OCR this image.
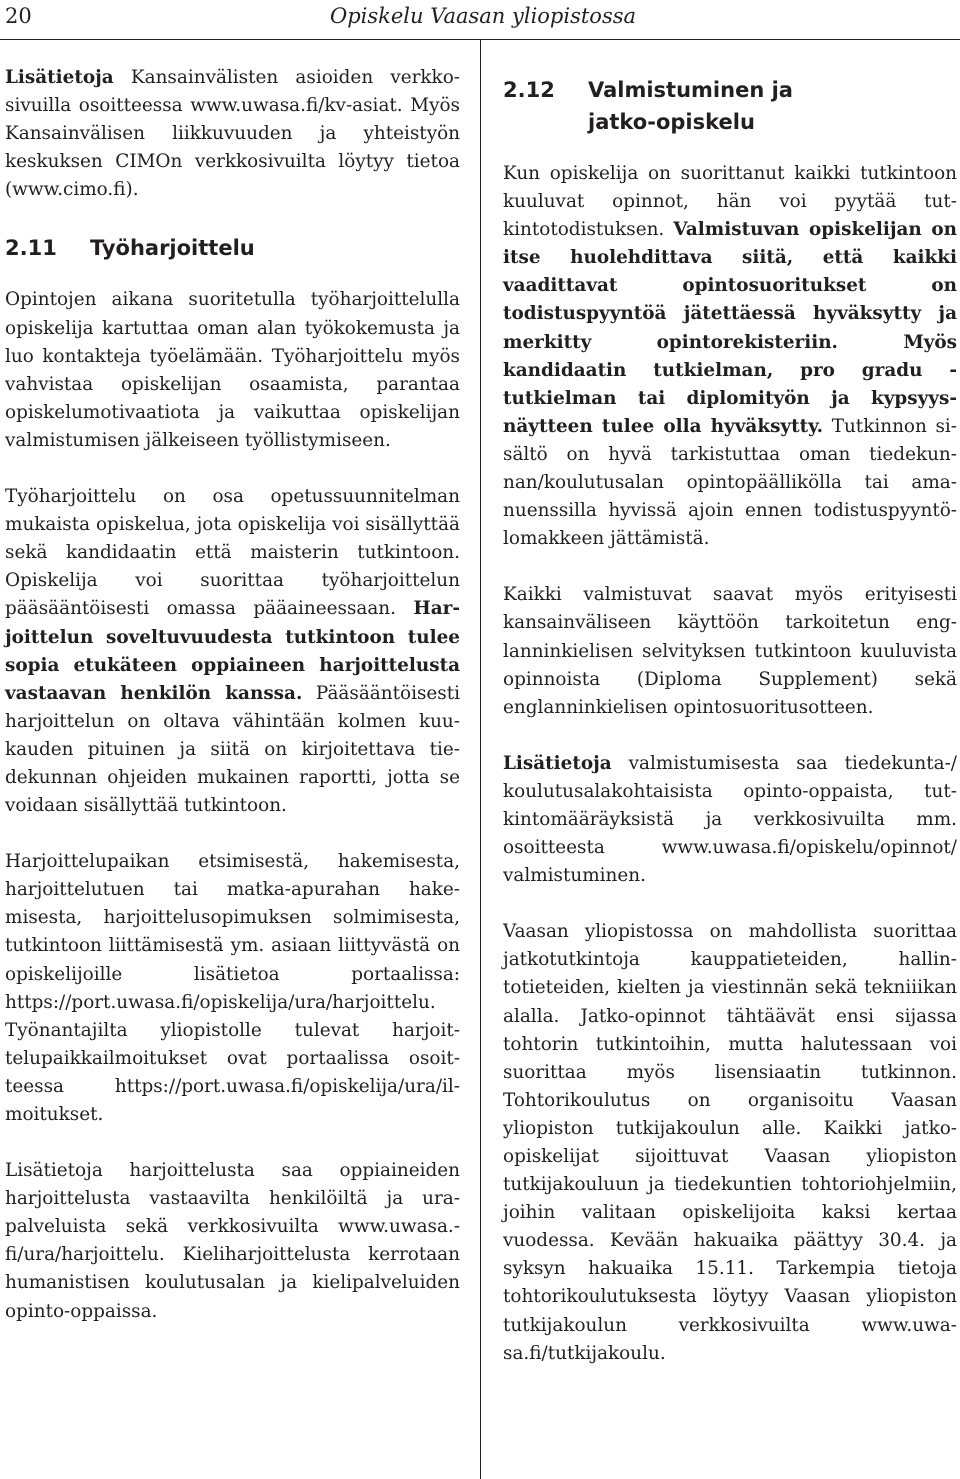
20	Opiskelu Vaasan yliopistossa

Lisätietoja Kansainvälisten asioiden verkkosivuilla osoitteessa www.uwasa.fi/kv-asiat. Myös Kansainvälisen liikkuvuuden ja yhteistyön keskuksen CIMOn verkkosivuilta löytyy tietoa (www.cimo.fi).

2.11	Työharjoittelu

Opintojen aikana suoritetulla työharjoittelulla opiskelija kartuttaa oman alan työkokemusta ja luo kontakteja työelämään. Työharjoittelu myös vahvistaa opiskelijan osaamista, parantaa opiskelumotivaatiota ja vaikuttaa opiskelijan valmistumisen jälkeiseen työllistymiseen.

Työharjoittelu on osa opetussuunnitelman mukaista opiskelua, jota opiskelija voi sisällyttää sekä kandidaatin että maisterin tutkintoon. Opiskelija voi suorittaa työharjoittelun pääsääntöisesti omassa pääaineessaan. Harjoittelun soveltuvuudesta tutkintoon tulee sopia etukäteen oppiaineen harjoittelusta vastaavan henkilön kanssa. Pääsääntöisesti harjoittelun on oltava vähintään kolmen kuukauden pituinen ja siitä on kirjoitettava tiedekunnan ohjeiden mukainen raportti, jotta se voidaan sisällyttää tutkintoon.

Harjoittelupaikan etsimisestä, hakemisesta, harjoittelutuen tai matka-apurahan hakemisesta, harjoittelusopimuksen solmimisesta, tutkintoon liittämisestä ym. asiaan liittyvästä on opiskelijoille lisätietoa portaalissa: https://port.uwasa.fi/opiskelija/ura/harjoittelu. Työnantajilta yliopistolle tulevat harjoittelupaikkailmoitukset ovat portaalissa osoitteessa https://port.uwasa.fi/opiskelija/ura/ilmoitukset.

Lisätietoja harjoittelusta saa oppiaineiden harjoittelusta vastaavilta henkilöiltä ja urapalveluista sekä verkkosivuilta www.uwasa.fi/ura/harjoittelu. Kieliharjoittelusta kerrotaan humanistisen koulutusalan ja kielipalveluiden opinto-oppaissa.

2.12	Valmistuminen ja
jatko-opiskelu

Kun opiskelija on suorittanut kaikki tutkintoon kuuluvat opinnot, hän voi pyytää tutkintotodistuksen. Valmistuvan opiskelijan on itse huolehdittava siitä, että kaikki vaadittavat opintosuoritukset on todistuspyyntöä jätettäessä hyväksytty ja merkitty opintorekisteriin. Myös kandidaatin tutkielman, pro gradu -tutkielman tai diplomityön ja kypsyysnäytteen tulee olla hyväksytty. Tutkinnon sisältö on hyvä tarkistuttaa oman tiedekunnan/koulutusalan opintopäällikölla tai amanuenssilla hyvissä ajoin ennen todistuspyyntölomakkeen jättämistä.

Kaikki valmistuvat saavat myös erityisesti kansainväliseen käyttöön tarkoitetun englanninkielisen selvityksen tutkintoon kuuluvista opinnoista (Diploma Supplement) sekä englanninkielisen opintosuoritusotteen.

Lisätietoja valmistumisesta saa tiedekunta-/ koulutusalakohtaisista opinto-oppaista, tutkintomääräyksistä ja verkkosivuilta mm. osoitteesta www.uwasa.fi/opiskelu/opinnot/ valmistuminen.

Vaasan yliopistossa on mahdollista suorittaa jatkotutkintoja kauppatieteiden, hallintotieteiden, kielten ja viestinnän sekä tekniiikan alalla. Jatko-opinnot tähtäävät ensi sijassa tohtorin tutkintoihin, mutta halutessaan voi suorittaa myös lisensiaatin tutkinnon. Tohtorikoulutus on organisoitu Vaasan yliopiston tutkijakoulun alle. Kaikki jatko-opiskelijat sijoittuvat Vaasan yliopiston tutkijakouluun ja tiedekuntien tohtoriohjelmiin, joihin valitaan opiskelijoita kaksi kertaa vuodessa. Kevään hakuaika päättyy 30.4. ja syksyn hakuaika 15.11. Tarkempia tietoja tohtorikoulutuksesta löytyy Vaasan yliopiston tutkijakoulun verkkosivuilta www.uwasa.fi/tutkijakoulu.
